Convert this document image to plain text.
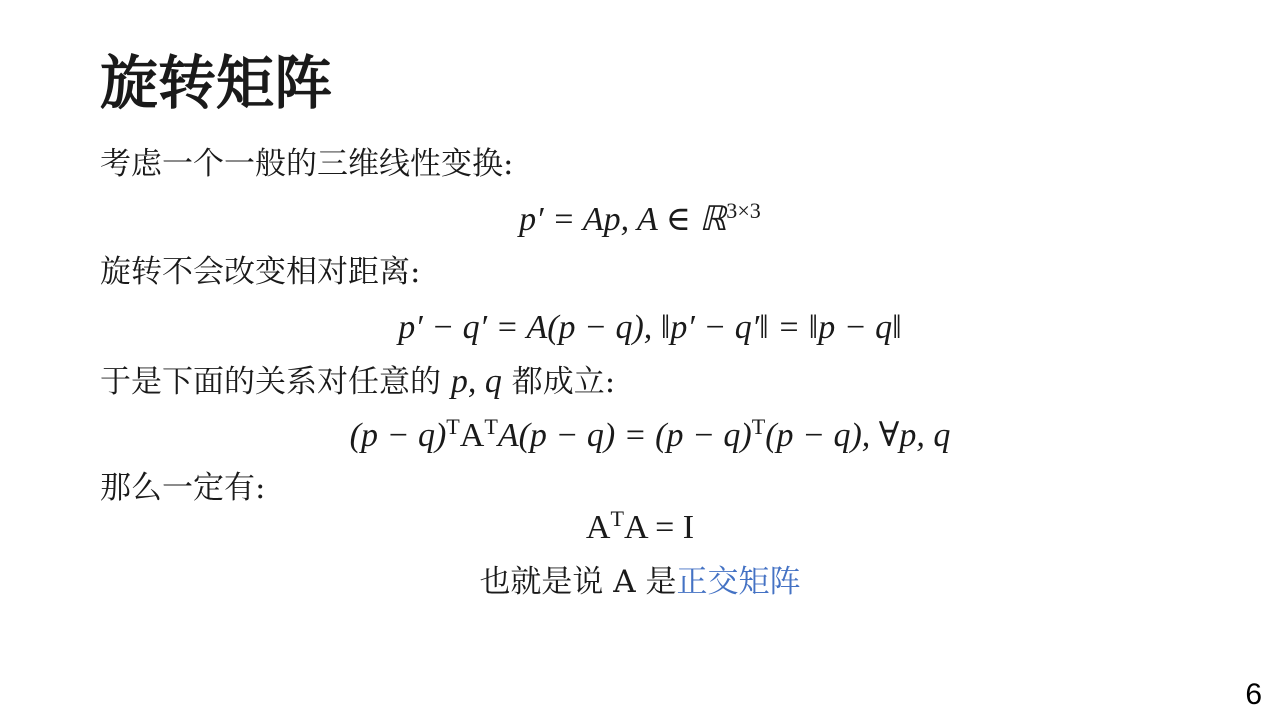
旋转矩阵
考虑一个一般的三维线性变换:
p′ = Ap, A ∈ ℝ$^{3\times 3}$
旋转不会改变相对距离:
p′ − q′ = A(p − q), ‖p′ − q′‖ = ‖p − q‖
于是下面的关系对任意的 p, q 都成立:
$(p - q)^TA^TA(p - q) = (p - q)^T(p - q)$, ∀p, q
那么一定有:
$A^TA = I$
也就是说 A 是正交矩阵
6
